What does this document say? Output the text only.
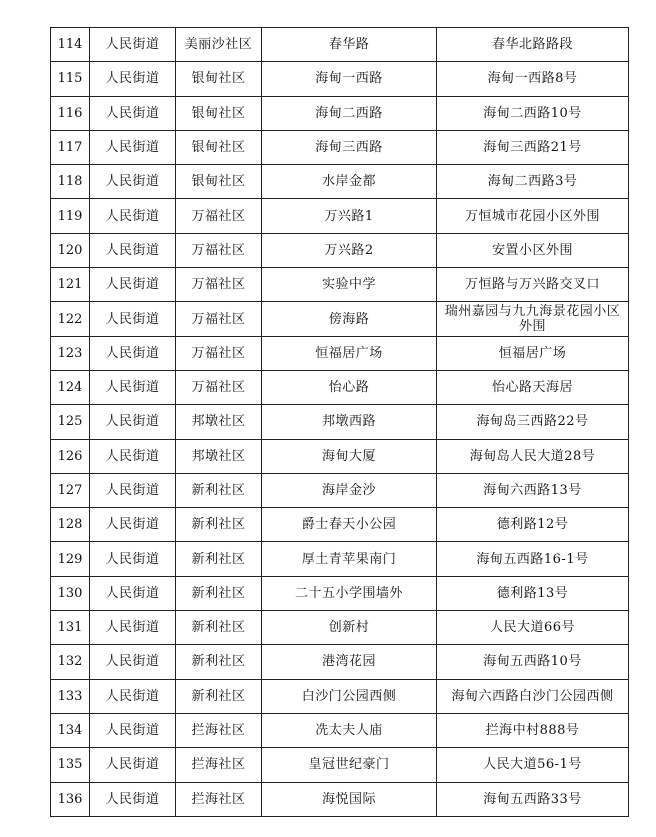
114	人民街道	美丽沙社区	春华路	春华北路路段
115	人民街道	银甸社区	海甸一西路	海甸一西路8号
116	人民街道	银甸社区	海甸二西路	海甸二西路10号
117	人民街道	银甸社区	海甸三西路	海甸三西路21号
118	人民街道	银甸社区	水岸金都	海甸二西路3号
119	人民街道	万福社区	万兴路1	万恒城市花园小区外围
120	人民街道	万福社区	万兴路2	安置小区外围
121	人民街道	万福社区	实验中学	万恒路与万兴路交叉口
122	人民街道	万福社区	傍海路	瑞州嘉园与九九海景花园小区外围
123	人民街道	万福社区	恒福居广场	恒福居广场
124	人民街道	万福社区	怡心路	怡心路天海居
125	人民街道	邦墩社区	邦墩西路	海甸岛三西路22号
126	人民街道	邦墩社区	海甸大厦	海甸岛人民大道28号
127	人民街道	新利社区	海岸金沙	海甸六西路13号
128	人民街道	新利社区	爵士春天小公园	德利路12号
129	人民街道	新利社区	厚土青苹果南门	海甸五西路16-1号
130	人民街道	新利社区	二十五小学围墙外	德利路13号
131	人民街道	新利社区	创新村	人民大道66号
132	人民街道	新利社区	港湾花园	海甸五西路10号
133	人民街道	新利社区	白沙门公园西侧	海甸六西路白沙门公园西侧
134	人民街道	拦海社区	冼太夫人庙	拦海中村888号
135	人民街道	拦海社区	皇冠世纪豪门	人民大道56-1号
136	人民街道	拦海社区	海悦国际	海甸五西路33号
